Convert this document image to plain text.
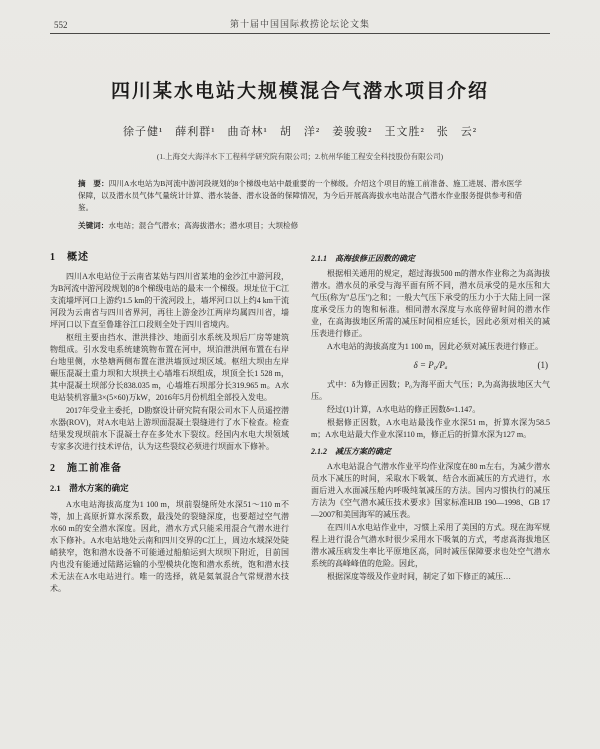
552	第十届中国国际救捞论坛论文集
四川某水电站大规模混合气潜水项目介绍
徐子健¹　薛利群¹　曲奇林¹　胡　洋²　姜骏骏²　王文胜²　张　云²
(1.上海交大海洋水下工程科学研究院有限公司；2.杭州华能工程安全科技股份有限公司)
摘　要：四川A水电站为B河流中游河段规划的8个梯级电站中最重要的一个梯级。介绍这个项目的施工前准备、施工进展、潜水医学保障，以及潜水员气体气量统计计算、潜水装备、潜水设备的保障情况，为今后开展高海拔水电站混合气潜水作业服务提供参考和借鉴。
关键词：水电站；混合气潜水；高海拔潜水；潜水项目；大坝检修
1　概述

四川A水电站位于云南省某姑与四川省某地的金沙江中游河段，为B河流中游河段规划的8个梯级电站的最末一个梯级。坝址位于C江支流墙坪河口上游约1.5 km的干流河段上，墙坪河口以上约4 km干流河段为云南省与四川省界河，再往上游金沙江两岸均属四川省，墙坪河口以下直至鲁雄谷江口段则全处于四川省境内。

枢纽主要由挡水、泄洪排沙、地面引水系统及坝后厂房等建筑物组成。引水发电系统建筑物布置在河中，坝泊泄洪闸布置在右岸台地里侧，水垫塘两侧布置在泄洪墙顶过坝区域。枢纽大坝由左岸碾压混凝土重力坝和大坝拱土心墙堆石坝组成，坝顶全长1 528 m，其中混凝土坝部分长838.035 m，心墙堆石坝部分长319.965 m。A水电站装机容量3×(5×60)万kW，2016年5月份机组全部投入发电。

2017年受业主委托，D勘察设计研究院有限公司水下人员遥控潜水器(ROV)，对A水电站上游坝面混凝土裂缝进行了水下检查。检查结果发现坝前水下混凝土存在多处水下裂纹。经国内水电大坝领域专家多次进行技术评估，认为这些裂纹必须进行坝面水下修补。

2　施工前准备
2.1　潜水方案的确定

A水电站海拔高度为1 100 m，坝前裂缝所处水深51～110 m不等，加上高原折算水深系数，最浅处的裂缝深度，也要超过空气潜水60 m的安全潜水深度。因此，潜水方式只能采用混合气潜水进行水下修补。A水电站地处云南和四川交界的C江上，周边水域深处陡峭狭窄，饱和潜水设备不可能通过船舶运到大坝坝下附近，目前国内也没有能通过陆路运输的小型模块化饱和潜水系统，饱和潜水技术无法在A水电站进行。唯一的选择，就是氦氧混合气常规潜水技术。

2.1.1　高海拔修正因数的确定

根据相关通用的规定，超过海拔500 m的潜水作业称之为高海拔潜水。潜水员的承受与海平面有所不同，潜水员承受的是水压和大气压(称为"总压")之和；一般大气压下承受的压力小于大陆上同一深度承受压力的饱和标准。相同潜水深度与水底停留时间的潜水作业，在高海拔地区所需的减压时间相应延长，因此必须对相关的减压表进行修正。

A水电站的海拔高度为1 100 m，因此必须对减压表进行修正。

δ = P₀/Pₐ	(1)

式中：δ为修正因数；P₀为海平面大气压；Pₐ为高海拔地区大气压。

经过(1)计算，A水电站的修正因数δ≈1.147。

根据修正因数，A水电站最浅作业水深51 m，折算水深为58.5 m；A水电站最大作业水深110 m，修正后的折算水深为127 m。

2.1.2　减压方案的确定

A水电站混合气潜水作业平均作业深度在80 m左右，为减少潜水员水下减压的时间，采取水下吸氧、结合水面减压的方式进行，水面后进入水面减压舱内呼吸纯氧减压的方法。国内习惯执行的减压方法为《空气潜水减压技术要求》国家标准HJB 190—1998、GB 17—2007和美国海军的减压表。

在四川A水电站作业中，习惯上采用了美国的方式。现在海军规程上进行混合气潜水时很少采用水下吸氧的方式，考虑高海拔地区潜水减压病发生率比平原地区高，同时减压保障要求也处空气潜水系统的高峰峰值的危险。因此，

根据深度等级及作业时间，制定了如下修正的减压…
